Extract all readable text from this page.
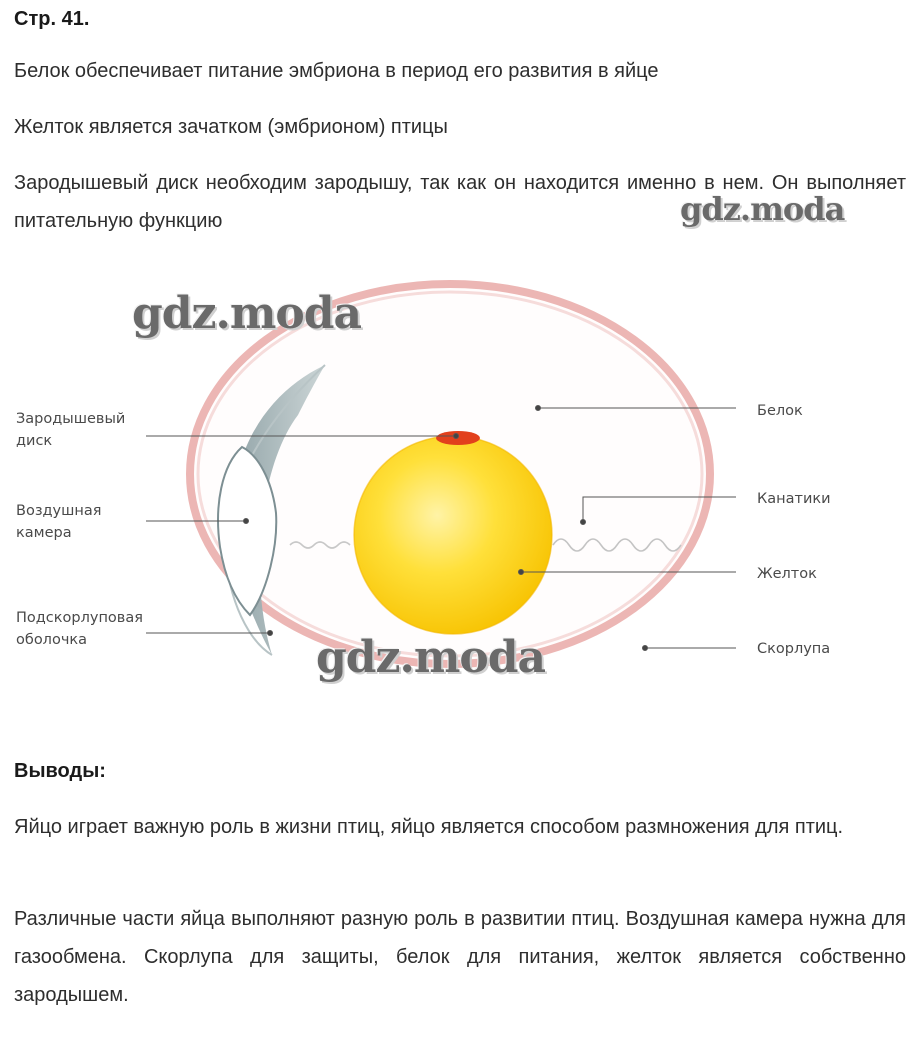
Стр. 41.
Белок обеспечивает питание эмбриона в период его развития в яйце
Желток является зачатком (эмбрионом) птицы
Зародышевый диск необходим зародышу, так как он находится именно в нем. Он выполняет питательную функцию	gdz.moda
Зародышевый
диск
Воздушная
камера
Подскорлуповая
оболочка
Белок
Канатики
Желток
Скорлупа
gdz.moda
gdz.moda
Выводы:
Яйцо играет важную роль в жизни птиц, яйцо является способом размножения для птиц.
Различные части яйца выполняют разную роль в развитии птиц. Воздушная камера нужна для газообмена. Скорлупа для защиты, белок для питания, желток является собственно зародышем.
